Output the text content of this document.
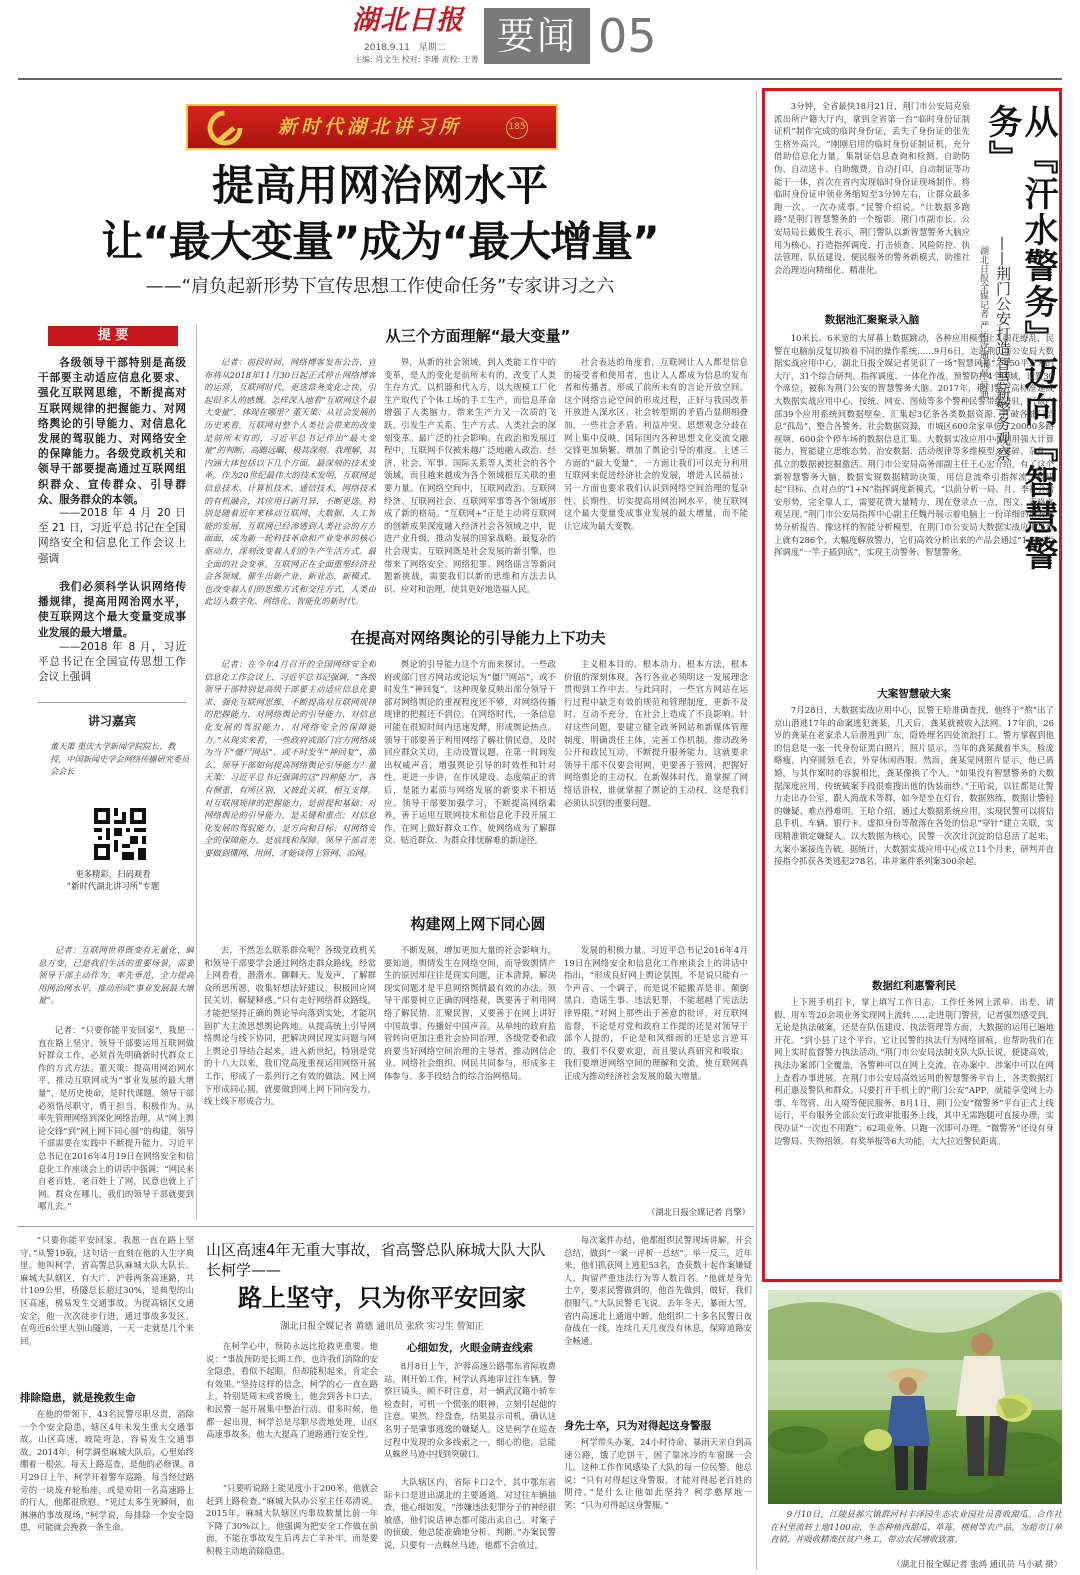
湖北日报
2018.9.11 星期二
主编: 肖文生 校对: 李珊 责校: 王菁
要闻 05
新时代湖北讲习所	185
提高用网治网水平
让“最大变量”成为“最大增量”
——“肩负起新形势下宣传思想工作使命任务”专家讲习之六
提 要
各级领导干部特别是高级干部要主动适应信息化要求、强化互联网思维，不断提高对互联网规律的把握能力、对网络舆论的引导能力、对信息化发展的驾驭能力、对网络安全的保障能力。各级党政机关和领导干部要提高通过互联网组织群众、宣传群众、引导群众、服务群众的本领。
——2018 年 4 月 20 日至 21 日，习近平总书记在全国网络安全和信息化工作会议上强调
我们必须科学认识网络传播规律，提高用网治网水平，使互联网这个最大变量变成事业发展的最大增量。
——2018 年 8 月，习近平总书记在全国宣传思想工作会议上强调
讲习嘉宾
董天策 重庆大学新闻学院院长、教授，中国新闻史学会网络传播研究委员会会长
更多精彩，扫码观看
“新时代湖北讲习所”专题
记者：互联网世界既变有无量化、瞬息万变，已是我们生活的重要场景，需要领导干部主动作为，率先垂范，全力提高用网治网水平，推动形成“事业发展最大增量”。
记者：“只要你能平安回家”，我愿一直在路上坚守。领导干部要运用互联网做好群众工作，必须首先明确新时代群众工作的方式方法。董天策：提高用网治网水平，推动互联网成为“事业发展的最大增量”，是历史使命，是时代课题。领导干部必须恪尽职守，勇于担当，积极作为。从率先管理网络到深化网络治理，从“网上舆论交锋”到“网上网下同心圆”的构建，领导干部需要在实践中不断提升能力。习近平总书记在2016年4月19日在网络安全和信息化工作座谈会上的讲话中强调：“网民来自老百姓，老百姓上了网，民意也就上了网。群众在哪儿，我们的领导干部就要到哪儿去。”
从三个方面理解“最大变量”
记者：前段时间，网络博客发布公告，宣布将从2018年11月30日起正式停止网络博客的运营，互联网时代，更迭常务变化之快，引起很多人的感慨。怎样深入地看“互联网这个最大变量”，体现在哪里？董天策：从社会发展的历史来看，互联网对整个人类社会带来的改变是前所未有的，习近平总书记作出“最大变量”的判断，高瞻远瞩，极其深刻。我理解，其内涵大体包括以下几个方面。最深刻的技术变革。作为20世纪最伟大的技术发明，互联网是信息技术、计算机技术、通信技术、网络技术的有机融合，其应用日新月异，不断更迭。特别是随着近年来移动互联网、大数据、人工智能的发展，互联网已经渗透到人类社会的方方面面，成为新一轮科技革命和产业变革的核心驱动力，深刻改变着人们的生产生活方式。最全面的社会变革。互联网正在全面重塑经济社会各领域，催生出新产业、新业态、新模式，也改变着人们的思维方式和交往方式，人类由此迈入数字化、网络化、智能化的新时代。
界，从新的社会领域，到人类能工作中的变革，是人的变化是前所未有的，改变了人类生存方式。以机器和代入方，以大规模工厂化生产取代了个体工场的手工生产，而信息革命增强了人类脑力，带来生产力又一次质的飞跃。引发生产关系、生产方式、人类社会的深刻变革。最广泛的社会影响。在政治和发展过程中，互联网不仅被来越广泛地融入政治、经济、社会、军事、国际关系等人类社会的各个领域，而且越来越成为各个领域相互关联的重要力量。在网络空间中，互联网政治、互联网经济、互联网社会、互联网军事等各个领域形成了新的格局。“互联网+”正是主动将互联网的创新成果深度融入经济社会各领域之中，促进产业升级，推动发展的国家战略。最复杂的社会现实。互联网既是社会发展的新引擎，也带来了网络安全、网络犯罪、网络谣言等新问题新挑战，需要我们以新的思维和方法去认识、应对和治理，使其更好地造福人民。
社会表达的角度看，互联网让人人都是信息的接受者和使用者，也让人人都成为信息的发布者和传播者，形成了前所未有的言论开放空间。这个网络言论空间的形成过程，正好与我国改革开放进入深水区、社会转型期的矛盾凸显期相叠加，一些社会矛盾、利益冲突、思想观念分歧在网上集中反映，国际国内各种思想文化交流交融交锋更加频繁，增加了舆论引导的难度。上述三方面的“最大变量”，一方面让我们可以充分利用互联网来促进经济社会的发展，增进人民福祉；另一方面也要求我们认识到网络空间治理的复杂性、长期性，切实提高用网治网水平，使互联网这个最大变量变成事业发展的最大增量，而不能让它成为最大变数。
在提高对网络舆论的引导能力上下功夫
记者：在今年4月召开的全国网络安全和信息化工作会议上，习近平总书记强调，“各级领导干部特别是高级干部要主动适应信息化要求、强化互联网思维，不断提高对互联网规律的把握能力、对网络舆论的引导能力、对信息化发展的驾驭能力、对网络安全的保障能力。”从现实来看，一些政府或部门官方网络成为当下“僵尸网站”、或不时发生“神回复”，那么，领导干部如何提高网络舆论引导能力？董天策：习近平总书记强调的这“四种能力”，各有侧重，有所区别，又彼此关联，相互支撑。对互联网规律的把握能力，是前提和基础；对网络舆论的引导能力，是关键和重点；对信息化发展的驾驭能力，是方向和目标；对网络安全的保障能力，是底线和保障。领导干部首先要做到懂网、用网，才能谈得上管网、治网。
舆论的引导能力这个方面来探讨。一些政府或部门官方网站或论坛为“僵尸网站”，或不时发生“神回复”，这种现象反映出部分领导干部对网络舆论的重视程度还不够，对网络传播规律的把握还不到位。在网络时代，一条信息可能在很短时间内迅速发酵，形成舆论热点。领导干部要善于利用网络了解社情民意，及时回应群众关切，主动设置议题，在第一时间发出权威声音，增强舆论引导的时效性和针对性。更进一步讲，在作风建设、态度端正的背后，是能力素质与网络发展的新要求不相适应。领导干部要加强学习，不断提高网络素养，善于运用互联网技术和信息化手段开展工作，在网上做好群众工作，使网络成为了解群众、贴近群众、为群众排忧解难的新途径。
主义根本目的、根本动力、根本方法，根本价值的深刻体现。各行各业必须明这一发展理念贯彻到工作中去。与此同时，一些官方网站在运行过程中缺乏有效的规范和管理制度，更新不及时、互动不充分，在社会上造成了不良影响。针对这些问题，要建立健全政务网站和新媒体管理制度，明确责任主体，完善工作机制，推动政务公开和政民互动，不断提升服务能力。这就要求领导干部不仅要会用网，更要善于管网，把握好网络舆论的主动权。在新媒体时代，谁掌握了网络话语权，谁就掌握了舆论的主动权，这是我们必须认识到的重要问题。
构建网上网下同心圆
去，不然怎么联系群众呢？各级党政机关和领导干部要学会通过网络走群众路线，经常上网看看，潜潜水、聊聊天、发发声，了解群众所思所愿，收集好想法好建议，积极回应网民关切、解疑释惑。”只有走好网络群众路线，才能把坚持正确的舆论导向落到实处，才能巩固扩大主流思想舆论阵地。从提高统上引导网络舆论与线下协同，把解决网民现实问题与网上舆论引导结合起来，进入新世纪，特别是党的十八大以来，我们党高度重视运用网络开展工作，形成了一系列行之有效的做法。网上网下形成同心圆，就要做到网上网下同向发力，线上线下形成合力。
不断发展，增加更加大量的社会影响力，要知道，舆情发生在网络空间，而导致舆情产生的原因却往往是现实问题，正本清源，解决现实问题才是平息网络舆情最有效的办法。领导干部要树立正确的网络观，既要善于利用网络了解民情、汇聚民智，又要善于在网上讲好中国故事、传播好中国声音。从单纯的政府监管转向更加注重社会协同治理，各级党委和政府要当好网络空间治理的主导者，推动网信企业、网络社会组织、网民共同参与，形成多主体参与、多手段结合的综合治网格局。
发展的积极力量。习近平总书记2016年4月19日在网络安全和信息化工作座谈会上的讲话中指出，“形成良好网上舆论氛围，不是说只能有一个声音、一个调子，而是说不能搬弄是非、颠倒黑白、造谣生事、违法犯罪，不能超越了宪法法律界限。”对网上那些出于善意的批评，对互联网监督，不论是对党和政府工作提的还是对领导干部个人提的，不论是和风细雨的还是忠言逆耳的，我们不仅要欢迎，而且要认真研究和吸取。我们要增进网络空间的理解和交流，使互联网真正成为推动经济社会发展的最大增量。
（湖北日报全媒记者 肖擎）
“只要你能平安回家，我愿一直在路上坚守。”从警19载，这句话一直刻在他的人生字典里。他叫柯学，省高警总队麻城大队大队长。麻城大队辖区，有大广、沪蓉两条高速路，共计109公里，桥隧总长超过30%，是典型的山区高速，极易发生交通事故。为提高辖区交通安全，他一次次徒步行进，通过事故多发区，在弯近6公里大别山隧道，一天一走就是几个来回。
排除隐患，就是挽救生命
在他的带领下，43名民警尽职尽责，消除一个个安全隐患，辖区4年未发生重大交通事故。山区高速，坡陡弯急，容易发生交通事故。2014年，柯学调至麻城大队后，心里始终绷着一根弦。每天上路巡查，是他的必修课。8月29日上午，柯学开着警车巡路，每当经过路旁的一块废弃轮胎座，或是劝阻一名高速路上的行人，他都很欣慰。“见过太多生死瞬间，血淋淋的事故现场，”柯学说，每排除一个安全隐患，可能就会挽救一条生命。
山区高速4年无重大事故，省高警总队麻城大队大队长柯学——
路上坚守，只为你平安回家
湖北日报全媒记者 黄德 通讯员 张欣 实习生 曾知正
在柯学心中，预防永远比抢救更重要。他说：“事故预防是长期工作，也许我们消除的安全隐患，看似不起眼，但却能积起来，肯定会有效果。”坚持这样的信念，柯学的心一直在路上，特别是周末或者晚上，他会到各卡口去，和民警一起开展集中整治行动。很多时候，他都一起出现，柯学总是尽职尽责地处理。山区高速事故多，他大大提高了道路通行安全性。
“只要听说路上能见度小于200米，他就会赶到上路检查。”麻城大队办公室主任邓清说。2015年，麻城大队辖区内事故数量比前一年下降了30%以上。他强调为把安全工作做在前面，不能在事故发生后再去亡羊补牢，而是要积极主动地消除隐患。
心细如发，火眼金睛查线索
8月8日上午，沪蓉高速公路鄂东省际收费站，刚开始工作，柯学认真地审过往车辆。警察巨镜头，顾不时注意，对一辆武汉籍小轿车检查时，可机一个慌张的眼神，立刻引起他的注意。果然，经盘查，结果显示司机，确认这名男子是肇事逃逸的嫌疑人。这是柯学在巡查过程中发现的众多线索之一，细心的他，总能从蛛丝马迹中找到突破口。
大队辖区内，省际卡口2个，其中鄂东省际卡口是进出湖北的主要通道。对过往车辆抽查，他心细如发，“涉嫌违法犯罪分子的神经很敏感，他们说话神态都可能出卖自己。对案子的侦破，他总能准确地分析、判断。”办案民警说，只要有一点蛛丝马迹，他都不会放过。
每次案件办结，他都组织民警现场讲解，开会总结，做到“一案一评析一总结”。举一反三，近年来，他们抓获网上逃犯53名，查获数十起作案嫌疑人，拘留严重违法行为等人数百名。“他就是身先士卒，要求民警做到的，他首先做到，做好，我们很服气。”大队民警毛飞说。去年冬天，暴雨大雪，省内高速北上通道中断，他组织二十多名民警日夜奋战在一线，连续几天几夜没有休息，保障道路安全畅通。
身先士卒，只为对得起这身警服
柯学带头办案，24小时待命，暴雨天亲自到高速公路，饿了吃饼干，困了靠冰冷的车窗眯一会儿。这种工作作风感染了大队的每一位民警。他总说：“只有对得起这身警服，才能对得起老百姓的期待。”是什么让他如此坚持？柯学憨厚地一笑：“只为对得起这身警服。”
从『汗水警务』迈向『智慧警务』
——荆门公安打造智慧新警务观察
湖北日报全媒记者 严运涛 通讯员 吴迪
3分钟，全省最快18月21日，荆门市公安局克泉派出所户籍大厅内，拿到全省第一台“临时身份证制证机”制作完成的临时身份证，丢失了身份证的张先生格外高兴。“刚刚启用的临时身份证制证机，充分借助信息化力量，集制证信息查询和检测、自助防伪、自动送卡、自助缴费、自动打印、自动制证等功能于一体，首次在省内实现临时身份证现场制作。将临时身份证申领业务缩短至3分钟左右，让群众最多跑一次、一次办成事。”民警介绍说。“让数据多跑路”是荆门智慧警务的一个缩影。荆门市副市长、公安局局长戴俊生表示，荆门警队以新智慧警务大脑应用为核心，打造指挥调度、打击侦查、风险防控、执法管理、队伍建设、便民服务的警务新模式，助推社会治理迈向精细化、精准化。
数据池汇聚聚录入脑
10米长、6米宽的大屏幕上数据跳动，各种应用模型让人眼花缭乱，民警在电脑前反复切换着不同的操作系统……9月6日，走进荆门市公安局大数据实战应用中心，湖北日报全媒记者见识了一场“智慧风暴”。450平方米的大厅，31个综合研判、指挥调度、一体化作战、预警防控4个区域，设置30个席位，被称为荆门公安的智慧警务大脑。2017年，荆门警方高标准建成大数据实战应用中心，按统、网安、图侦等多个警种民警带编进驻，打破内部39个应用系统间数据壁垒，汇集起3亿条各类数据资源，打破各部门信息“孤岛”，整合各警务、社会数据资源，市城区600余家单位、20000多路视频、600余个停车场的数据信息汇集。大数据实战应用中心利用强大计算能力，智能建立思维态势、治安数据、活动规律等多维模型，零碎、杂乱、孤立的数据被挖掘激活。荆门市公安局高务部副主任王心宏介绍，有了这个新智慧警务大脑，数据实现数据精助决策，用信息流牵引指挥流，构建起“目标、点对点的”1+N“指挥调度新模式。“以前分析一局、月、季社会治安形势，完全靠人工，需要花费大量精力，现在登录点一点，图文、表格直观呈现。”荆门市公安局指挥中心副主任魏丹展示着电脑上一份详细的治安形势分析报告。像这样的智能分析模型，在荆门市公安局大数据实战应用平台上就有286个，大幅度解放警力，它们高效分析出来的产品会通过“1+N”指挥调度“一竿子插到底”，实现主动警务、智慧警务。
大案智慧破大案
7月28日，大数据实战应用中心，民警王哈准确查找，他终于“熬”出了京山潜逃17年的命案逃犯龚某，几天后，龚某就被收入法网。17年前，26岁的龚某在老家杀人后潜逃到广东，隐姓埋名四处流浪打工。警方掌握到他的信息是一张一代身份证黑白照片，照片显示，当年的龚某戴着半头，脸庞略瘦，内穿圆领毛衣，外穿休闲西服。然而，龚某觉网照片显示，他已离婚，与其作案时的容貌相比，龚某像换了个人。“如果没有智慧警务的大数据深度应用，传统破案手段很难搜出他的伪装面纱。”王哈说，以往都是让警力走出办公室，跟人海战术等群，如今是坐在灯台，数据熟练，数据让警轻的嫌疑、难点得难明。王哈介绍，通过大数据系统应用，实现民警可以将信息手机、车辆、银行卡、虚拟身份等散落在各处的信息“穿针”建立关联，实现精准锁定嫌疑人。以大数据为核心，民警一次次让沉淀的信息活了起来，大案小案接连告破。据统计，大数据实战应用中心成立11个月来，研判并直接指令抓获各类逃犯278名，串并案件系列案300余起。
数据红利惠警利民
上下班手机打卡，掌上填写工作日志，工作任务网上派单、出差、请假、用车等20余项业务实现网上流转……走进荆门警营，记者强烈感受到，无论是执法破案，还是在队伍建设、执法管理等方面，大数据的运用已遍地开花。“到小县了这个平台，它让民警的执法行为网络留痕，也帮助我们在网上实时监督警力执法活动。”荆门市公安局法制支队大队长说，便捷高效，执法办案部门全覆盖，各警种可以在网上交流，在办案中、涉案中可以在网上查看办事进展。在荆门市公安局高效运用的智慧警务平台上，各类数据红利正惠及警队和群众。只要打开手机上的“荆门公安”APP，就能享受网上办事、车驾管、出入境等便民服务。8月1日，荆门公安“微警务”平台正式上线运行，平台服务全部公安行政审批服务上线，其中无需跑腿可直接办理，实现办证“一次也不用跑”；62项业务、只跑一次即可办理。“微警务”还设有身边警局、失物招领、有奖举报等6大功能，大大拉近警民距离。
9月10日，江陵县郝穴镇群河村丰泽园生态农业园社员喜收甜瓜。合作社在村里流转土地1100亩，生态种植西甜瓜、草莓、桃树等农产品，为超市订单直销，并吸收精准扶贫户务工，带动农民增收致富。
（湖北日报全媒记者 张鸿 通讯员 马小斌 摄）
